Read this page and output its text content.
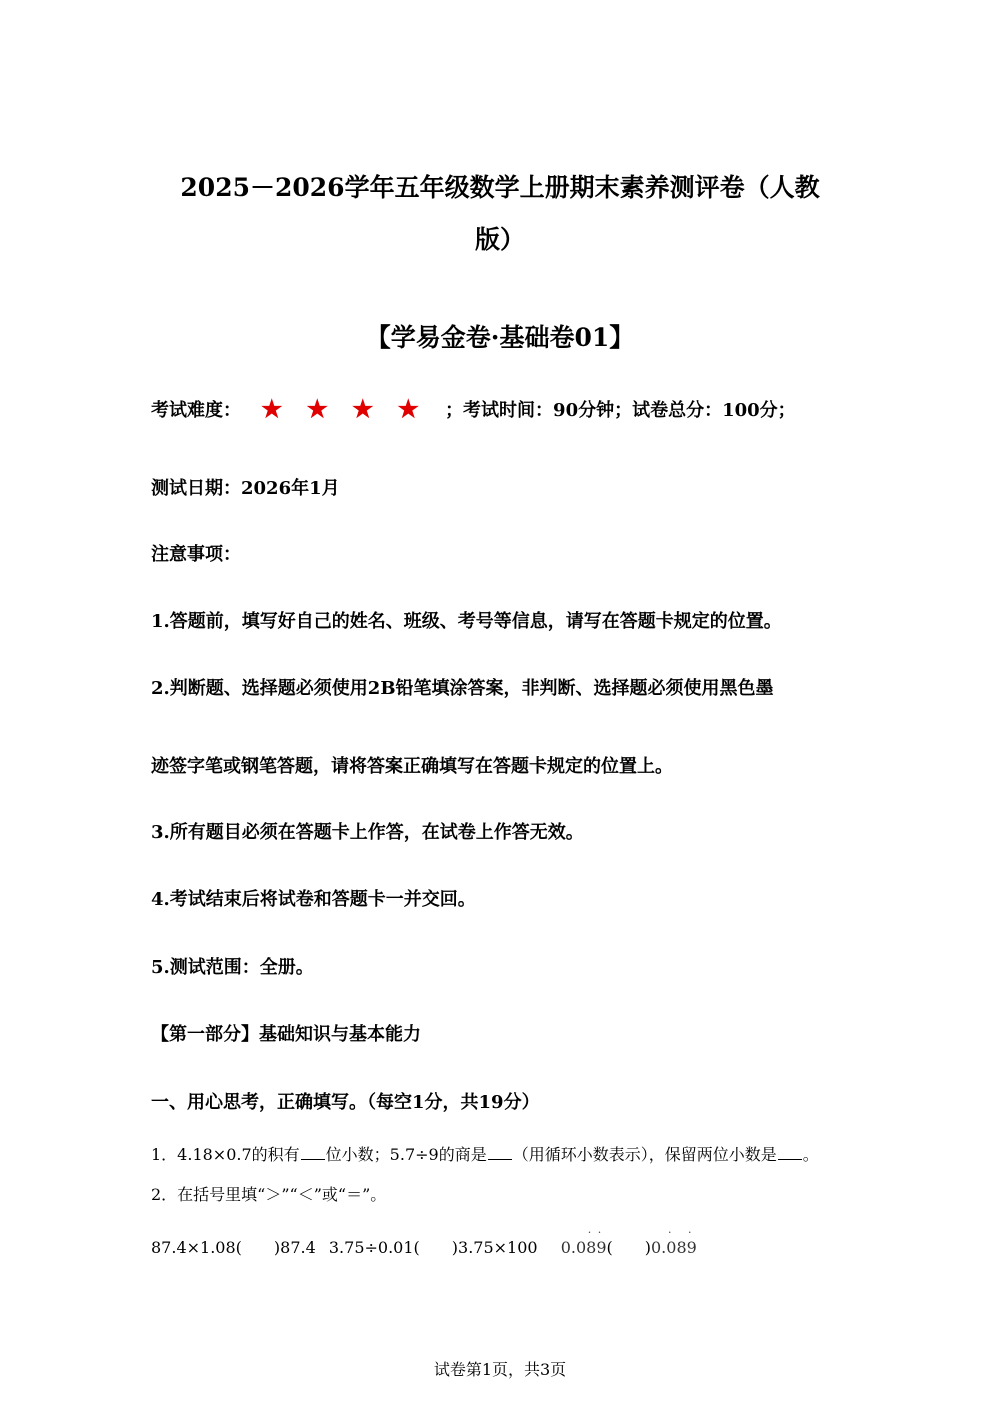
2025－2026学年五年级数学上册期末素养测评卷（人教
版）
【学易金卷·基础卷01】
考试难度： ★ ★ ★ ★ ；考试时间：90分钟；试卷总分：100分；
测试日期：2026年1月
注意事项：
1.答题前，填写好自己的姓名、班级、考号等信息，请写在答题卡规定的位置。
2.判断题、选择题必须使用2B铅笔填涂答案，非判断、选择题必须使用黑色墨
迹签字笔或钢笔答题，请将答案正确填写在答题卡规定的位置上。
3.所有题目必须在答题卡上作答，在试卷上作答无效。
4.考试结束后将试卷和答题卡一并交回。
5.测试范围：全册。
【第一部分】基础知识与基本能力
一、用心思考，正确填写。（每空1分，共19分）
1．4.18×0.7的积有 位小数；5.7÷9的商是 （用循环小数表示），保留两位小数是 。
2．在括号里填“＞”“＜”或“＝”。
87.4×1.08(　　)87.4 3.75÷0.01(　　)3.75×100 0.089
· ·
(　　)0.089
· ·
试卷第1页，共3页
